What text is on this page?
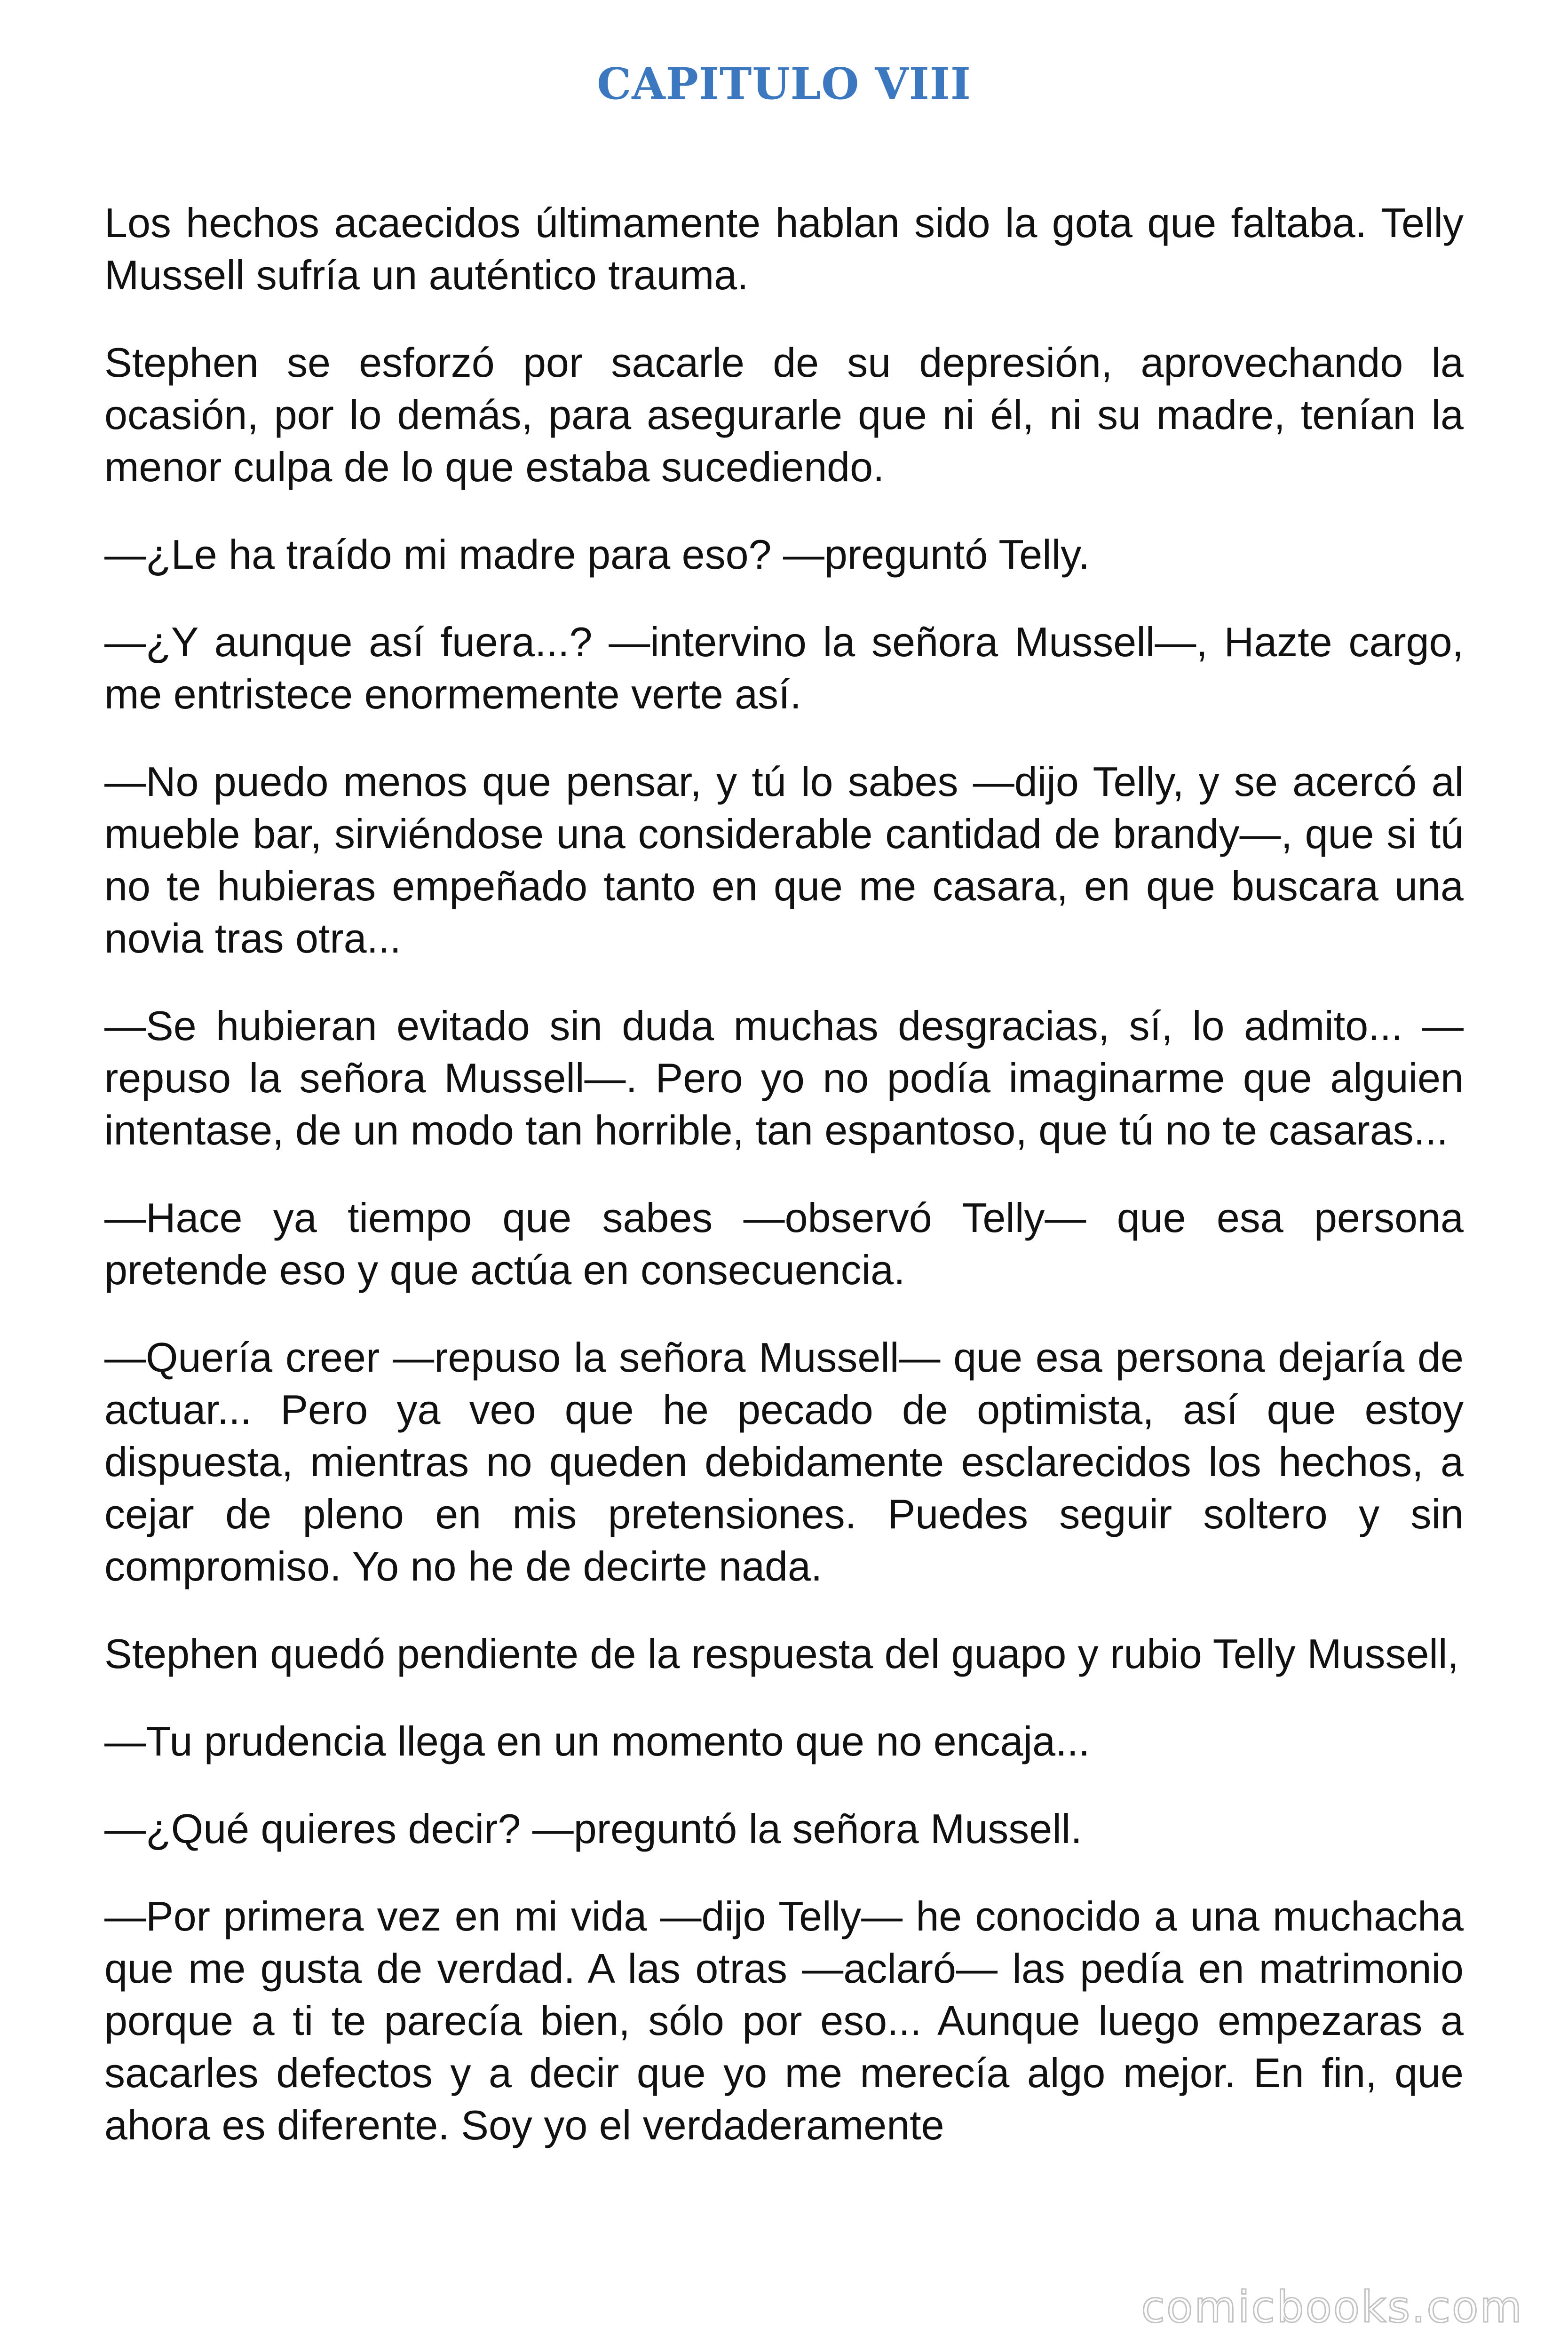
CAPITULO VIII

Los hechos acaecidos últimamente hablan sido la gota que faltaba. Telly Mussell sufría un auténtico trauma.

Stephen se esforzó por sacarle de su depresión, aprovechando la ocasión, por lo demás, para asegurarle que ni él, ni su madre, tenían la menor culpa de lo que estaba sucediendo.

—¿Le ha traído mi madre para eso? —preguntó Telly.

—¿Y aunque así fuera...? —intervino la señora Mussell—, Hazte cargo, me entristece enormemente verte así.

—No puedo menos que pensar, y tú lo sabes —dijo Telly, y se acercó al mueble bar, sirviéndose una considerable cantidad de brandy—, que si tú no te hubieras empeñado tanto en que me casara, en que buscara una novia tras otra...

—Se hubieran evitado sin duda muchas desgracias, sí, lo admito... —repuso la señora Mussell—. Pero yo no podía imaginarme que alguien intentase, de un modo tan horrible, tan espantoso, que tú no te casaras...

—Hace ya tiempo que sabes —observó Telly— que esa persona pretende eso y que actúa en consecuencia.

—Quería creer —repuso la señora Mussell— que esa persona dejaría de actuar... Pero ya veo que he pecado de optimista, así que estoy dispuesta, mientras no queden debidamente esclarecidos los hechos, a cejar de pleno en mis pretensiones. Puedes seguir soltero y sin compromiso. Yo no he de decirte nada.

Stephen quedó pendiente de la respuesta del guapo y rubio Telly Mussell,

—Tu prudencia llega en un momento que no encaja...

—¿Qué quieres decir? —preguntó la señora Mussell.

—Por primera vez en mi vida —dijo Telly— he conocido a una muchacha que me gusta de verdad. A las otras —aclaró— las pedía en matrimonio porque a ti te parecía bien, sólo por eso... Aunque luego empezaras a sacarles defectos y a decir que yo me merecía algo mejor. En fin, que ahora es diferente. Soy yo el verdaderamente

comicbooks.com
